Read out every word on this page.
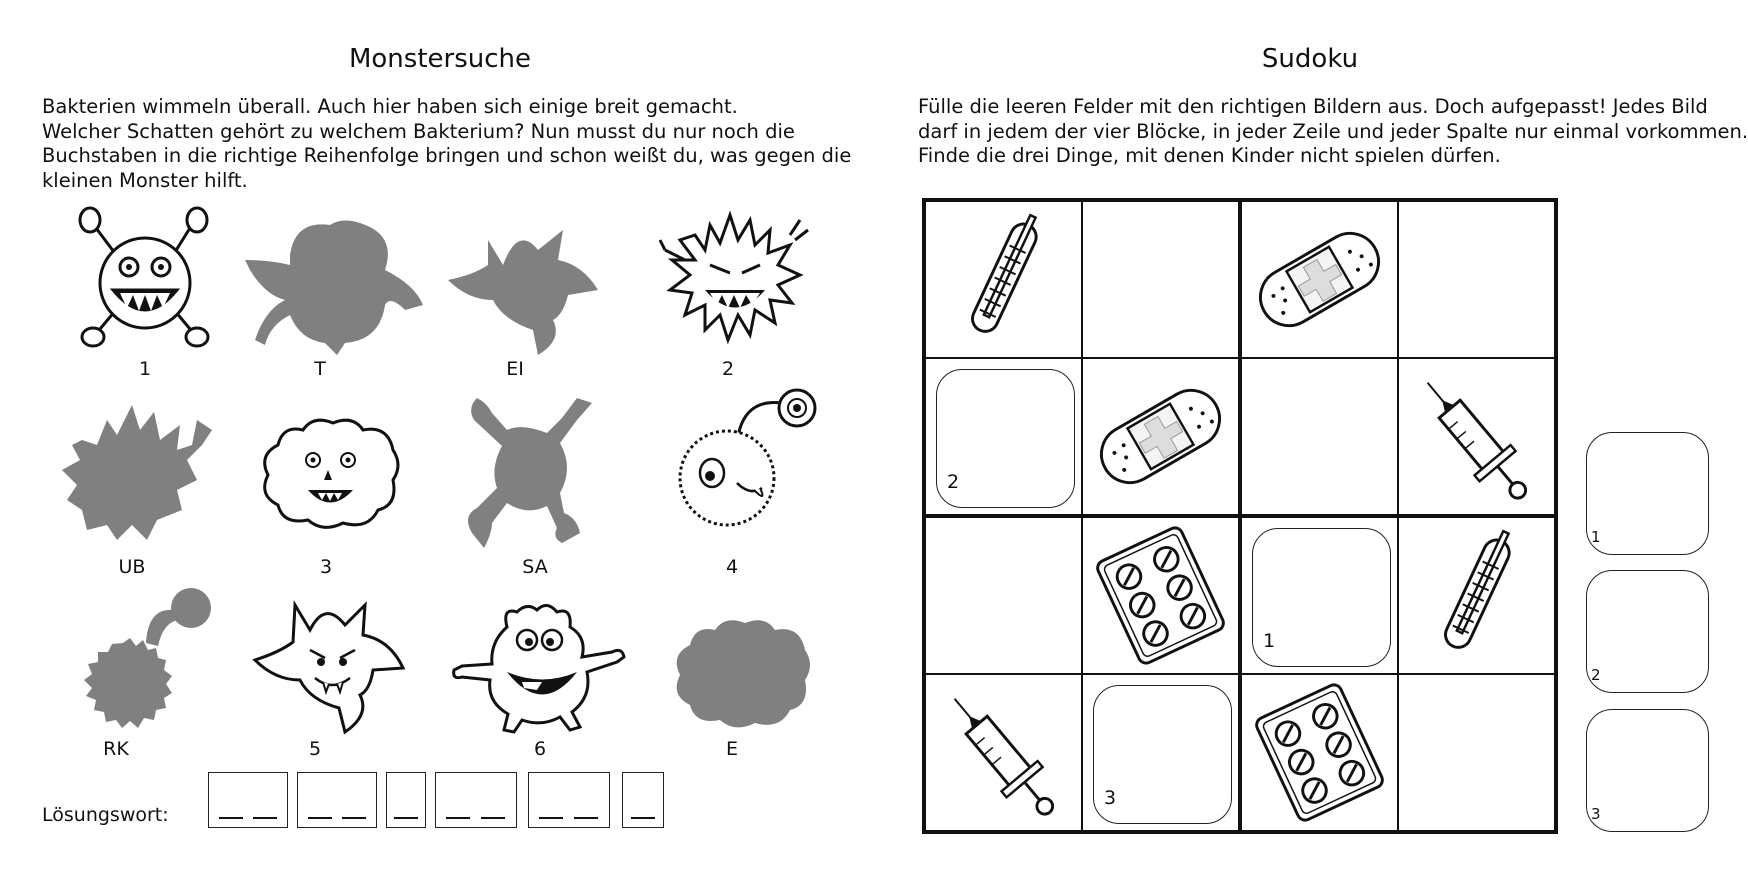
Monstersuche

Bakterien wimmeln überall. Auch hier haben sich einige breit gemacht.
Welcher Schatten gehört zu welchem Bakterium? Nun musst du nur noch die
Buchstaben in die richtige Reihenfolge bringen und schon weißt du, was gegen die
kleinen Monster hilft.

1	T	EI	2
UB	3	SA	4
RK	5	6	E
Lösungswort:
Sudoku

Fülle die leeren Felder mit den richtigen Bildern aus. Doch aufgepasst! Jedes Bild
darf in jedem der vier Blöcke, in jeder Zeile und jeder Spalte nur einmal vorkommen.
Finde die drei Dinge, mit denen Kinder nicht spielen dürfen.

2
1
3
1
2
3
